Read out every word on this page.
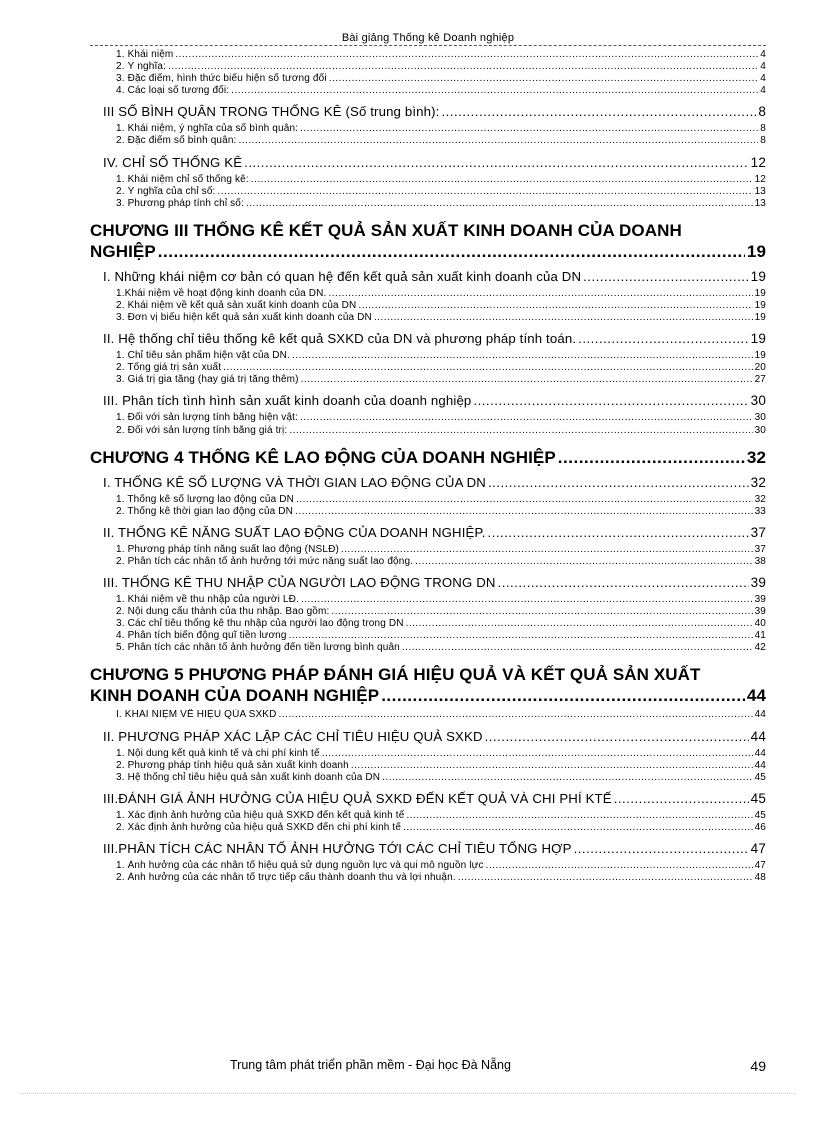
Bài giảng Thống kê Doanh nghiệp
1. Khái niệm .....	4
2. Ý nghĩa: .....	4
3. Đặc điểm, hình thức biểu hiện số tương đối .....	4
4. Các loại số tương đối: .....	4
III SỐ BÌNH QUÂN TRONG THỐNG KÊ (Số trung bình): .....	8
1. Khái niệm, ý nghĩa của số bình quân: .....	8
2. Đặc điểm số bình quân: .....	8
IV. CHỈ SỐ THỐNG KÊ .....	12
1. Khái niệm chỉ số thống kê: .....	12
2. Ý nghĩa của chỉ số: .....	13
3. Phương pháp tính chỉ số: .....	13
CHƯƠNG III THỐNG KÊ KẾT QUẢ SẢN XUẤT KINH DOANH CỦA DOANH
NGHIỆP .....	19
I. Những khái niệm cơ bản có quan hệ đến kết quả sản xuất kinh doanh của DN .....	19
1.Khái niệm về hoạt động kinh doanh của DN. .....	19
2. Khái niệm về kết quả sản xuất kinh doanh của DN .....	19
3. Đơn vị biểu hiện kết quả sản xuất kinh doanh của DN .....	19
II. Hệ thống chỉ tiêu thống kê kết quả SXKD của DN và phương pháp tính toán. .....	19
1. Chỉ tiêu sản phẩm hiện vật của DN. .....	19
2. Tổng giá trị sản xuất .....	20
3. Giá trị gia tăng (hay giá trị tăng thêm) .....	27
III. Phân tích tình hình sản xuất kinh doanh của doanh nghiệp .....	30
1. Đối với sản lượng tính bằng hiện vật: .....	30
2. Đối với sản lượng tính bằng giá trị: .....	30
CHƯƠNG 4 THỐNG KÊ LAO ĐỘNG CỦA DOANH NGHIỆP .....	32
I. THỐNG KÊ SỐ LƯỢNG VÀ THỜI GIAN LAO ĐỘNG CỦA DN .....	32
1. Thống kê số lượng lao động của DN .....	32
2. Thống kê thời gian lao động của DN .....	33
II. THỐNG KÊ NĂNG SUẤT LAO ĐỘNG CỦA DOANH NGHIỆP. .....	37
1. Phương pháp tính năng suất lao động (NSLĐ) .....	37
2. Phân tích các nhân tố ảnh hưởng tới mức năng suất lao động. .....	38
III. THỐNG KÊ THU NHẬP CỦA NGƯỜI LAO ĐỘNG TRONG DN .....	39
1. Khái niệm về thu nhập của người LĐ. .....	39
2. Nội dung cấu thành của thu nhập. Bao gồm: .....	39
3. Các chỉ tiêu thống kê thu nhập của người lao động trong DN .....	40
4. Phân tích biến động quĩ tiền lương .....	41
5. Phân tích các nhân tố ảnh hưởng đến tiền lương bình quân .....	42
CHƯƠNG 5 PHƯƠNG PHÁP ĐÁNH GIÁ HIỆU QUẢ VÀ KẾT QUẢ SẢN XUẤT
KINH DOANH CỦA DOANH NGHIỆP .....	44
I. KHÁI NIỆM VỀ HIỆU QỦA SXKD .....	44
II. PHƯƠNG PHÁP XÁC LẬP CÁC CHỈ TIÊU HIỆU QUẢ SXKD .....	44
1. Nội dung kết quả kinh tế và chi phí kinh tế .....	44
2. Phương pháp tính hiệu quả sản xuất kinh doanh .....	44
3. Hệ thống chỉ tiêu hiệu quả sản xuất kinh doanh của DN .....	45
III.ĐÁNH GIÁ ẢNH HƯỞNG CỦA HIỆU QUẢ SXKD ĐẾN KẾT QUẢ VÀ CHI PHÍ KTẾ .....	45
1. Xác định ảnh hưởng của hiệu quả SXKD đến kết quả kinh tế .....	45
2. Xác định ảnh hưởng của hiệu quả SXKD đến chi phí kinh tế .....	46
III.PHÂN TÍCH CÁC NHÂN TỐ ẢNH HƯỞNG TỚI CÁC CHỈ TIÊU TỔNG HỢP .....	47
1. Ảnh hưởng của các nhân tố hiệu quả sử dụng nguồn lực và qui mô nguồn lực .....	47
2. Ảnh hưởng của các nhân tố trực tiếp cấu thành doanh thu và lợi nhuận. .....	48
Trung tâm phát triển phần mềm - Đại học Đà Nẵng	49
